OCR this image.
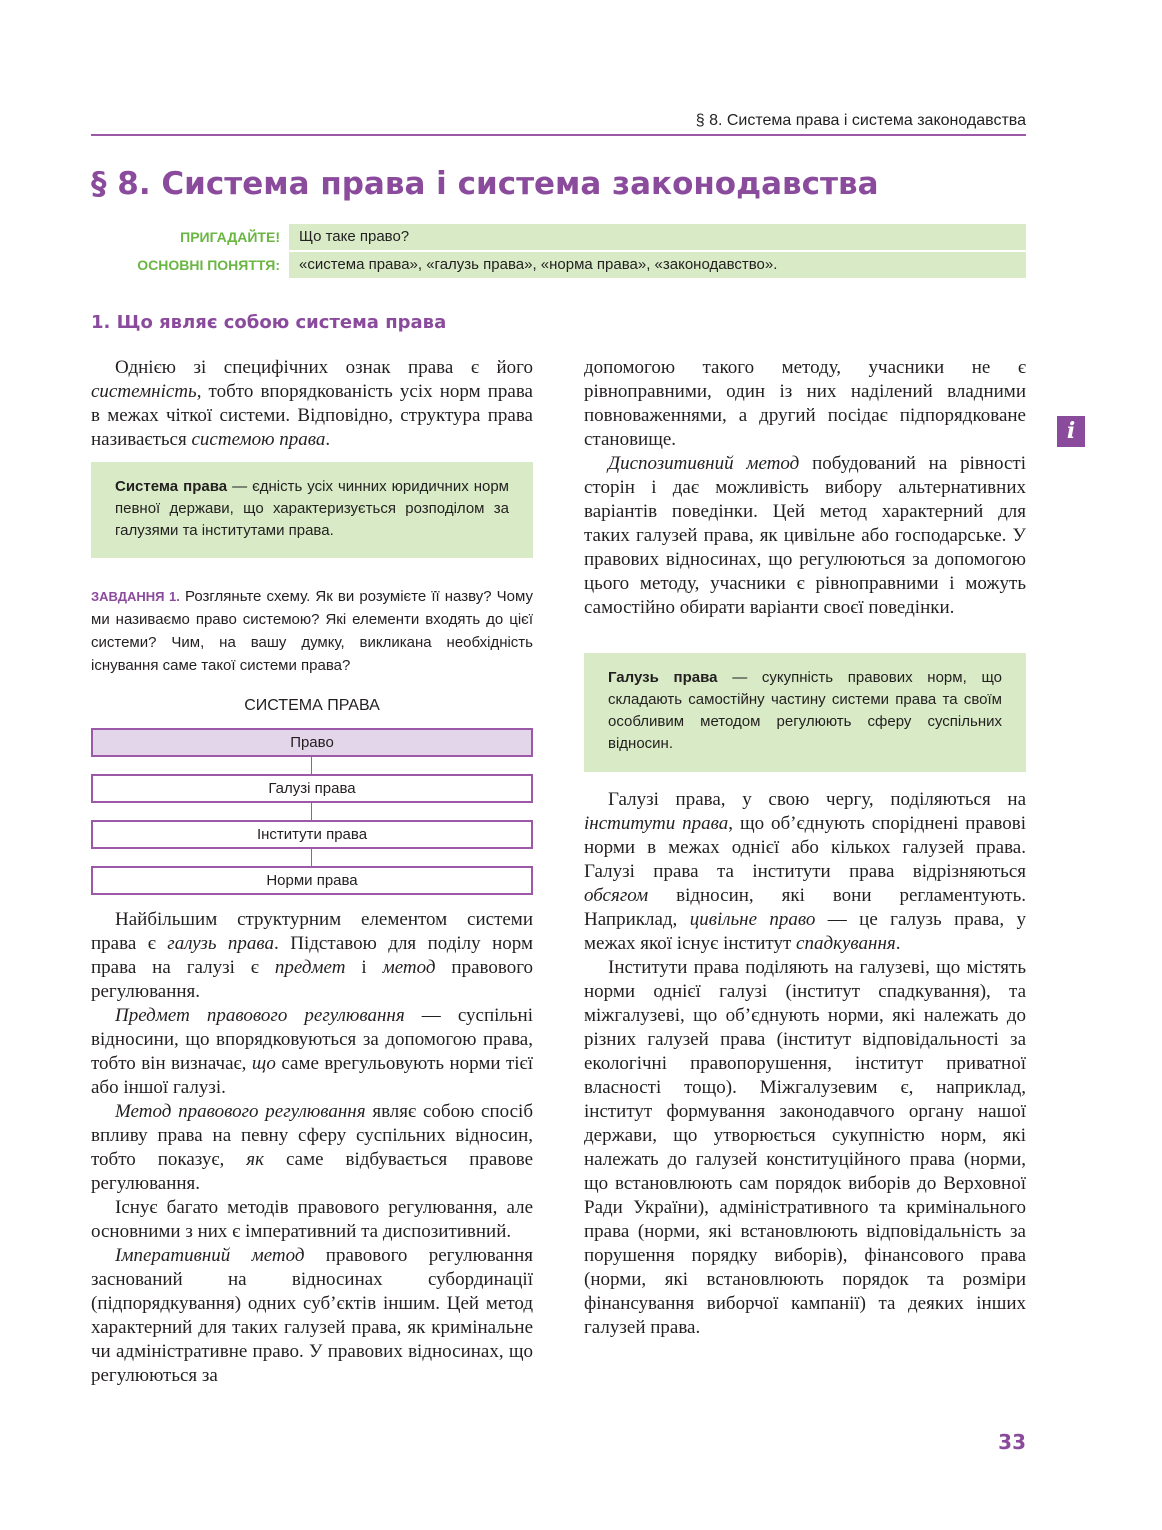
§ 8. Система права і система законодавства
§ 8. Система права і система законодавства
ПРИГАДАЙТЕ!	Що таке право?
ОСНОВНІ ПОНЯТТЯ:	«система права», «галузь права», «норма права», «законодавство».
1. Що являє собою система права

Однією зі специфічних ознак права є його системність, тобто впорядкованість усіх норм права в межах чіткої системи. Відповідно, структура права називається системою права.

Система права — єдність усіх чинних юридичних норм певної держави, що характеризується розподілом за галузями та інститутами права.
ЗАВДАННЯ 1. Розгляньте схему. Як ви розумієте її назву? Чому ми називаємо право системою? Які елементи входять до цієї системи? Чим, на вашу думку, викликана необхідність існування саме такої системи права?
СИСТЕМА ПРАВА
Право
Галузі права
Інститути права
Норми права

Найбільшим структурним елементом системи права є галузь права. Підставою для поділу норм права на галузі є предмет і метод правового регулювання.

Предмет правового регулювання — суспільні відносини, що впорядковуються за допомогою права, тобто він визначає, що саме врегульовують норми тієї або іншої галузі.

Метод правового регулювання являє собою спосіб впливу права на певну сферу суспільних відносин, тобто показує, як саме відбувається правове регулювання.

Існує багато методів правового регулювання, але основними з них є імперативний та диспозитивний.

Імперативний метод правового регулювання заснований на відносинах субординації (підпорядкування) одних суб’єктів іншим. Цей метод характерний для таких галузей права, як кримінальне чи адміністративне право. У правових відносинах, що регулюються за

допомогою такого методу, учасники не є рівноправними, один із них наділений владними повноваженнями, а другий посідає підпорядковане становище.

Диспозитивний метод побудований на рівності сторін і дає можливість вибору альтернативних варіантів поведінки. Цей метод характерний для таких галузей права, як цивільне або господарське. У правових відносинах, що регулюються за допомогою цього методу, учасники є рівноправними і можуть самостійно обирати варіанти своєї поведінки.

Галузь права — сукупність правових норм, що складають самостійну частину системи права та своїм особливим методом регулюють сферу суспільних відносин.

Галузі права, у свою чергу, поділяються на інститути права, що об’єднують споріднені правові норми в межах однієї або кількох галузей права. Галузі права та інститути права відрізняються обсягом відносин, які вони регламентують. Наприклад, цивільне право — це галузь права, у межах якої існує інститут спадкування.

Інститути права поділяють на галузеві, що містять норми однієї галузі (інститут спадкування), та міжгалузеві, що об’єднують норми, які належать до різних галузей права (інститут відповідальності за екологічні правопорушення, інститут приватної власності тощо). Міжгалузевим є, наприклад, інститут формування законодавчого органу нашої держави, що утворюється сукупністю норм, які належать до галузей конституційного права (норми, що встановлюють сам порядок виборів до Верховної Ради України), адміністративного та кримінального права (норми, які встановлюють відповідальність за порушення порядку виборів), фінансового права (норми, які встановлюють порядок та розміри фінансування виборчої кампанії) та деяких інших галузей права.

i
33
